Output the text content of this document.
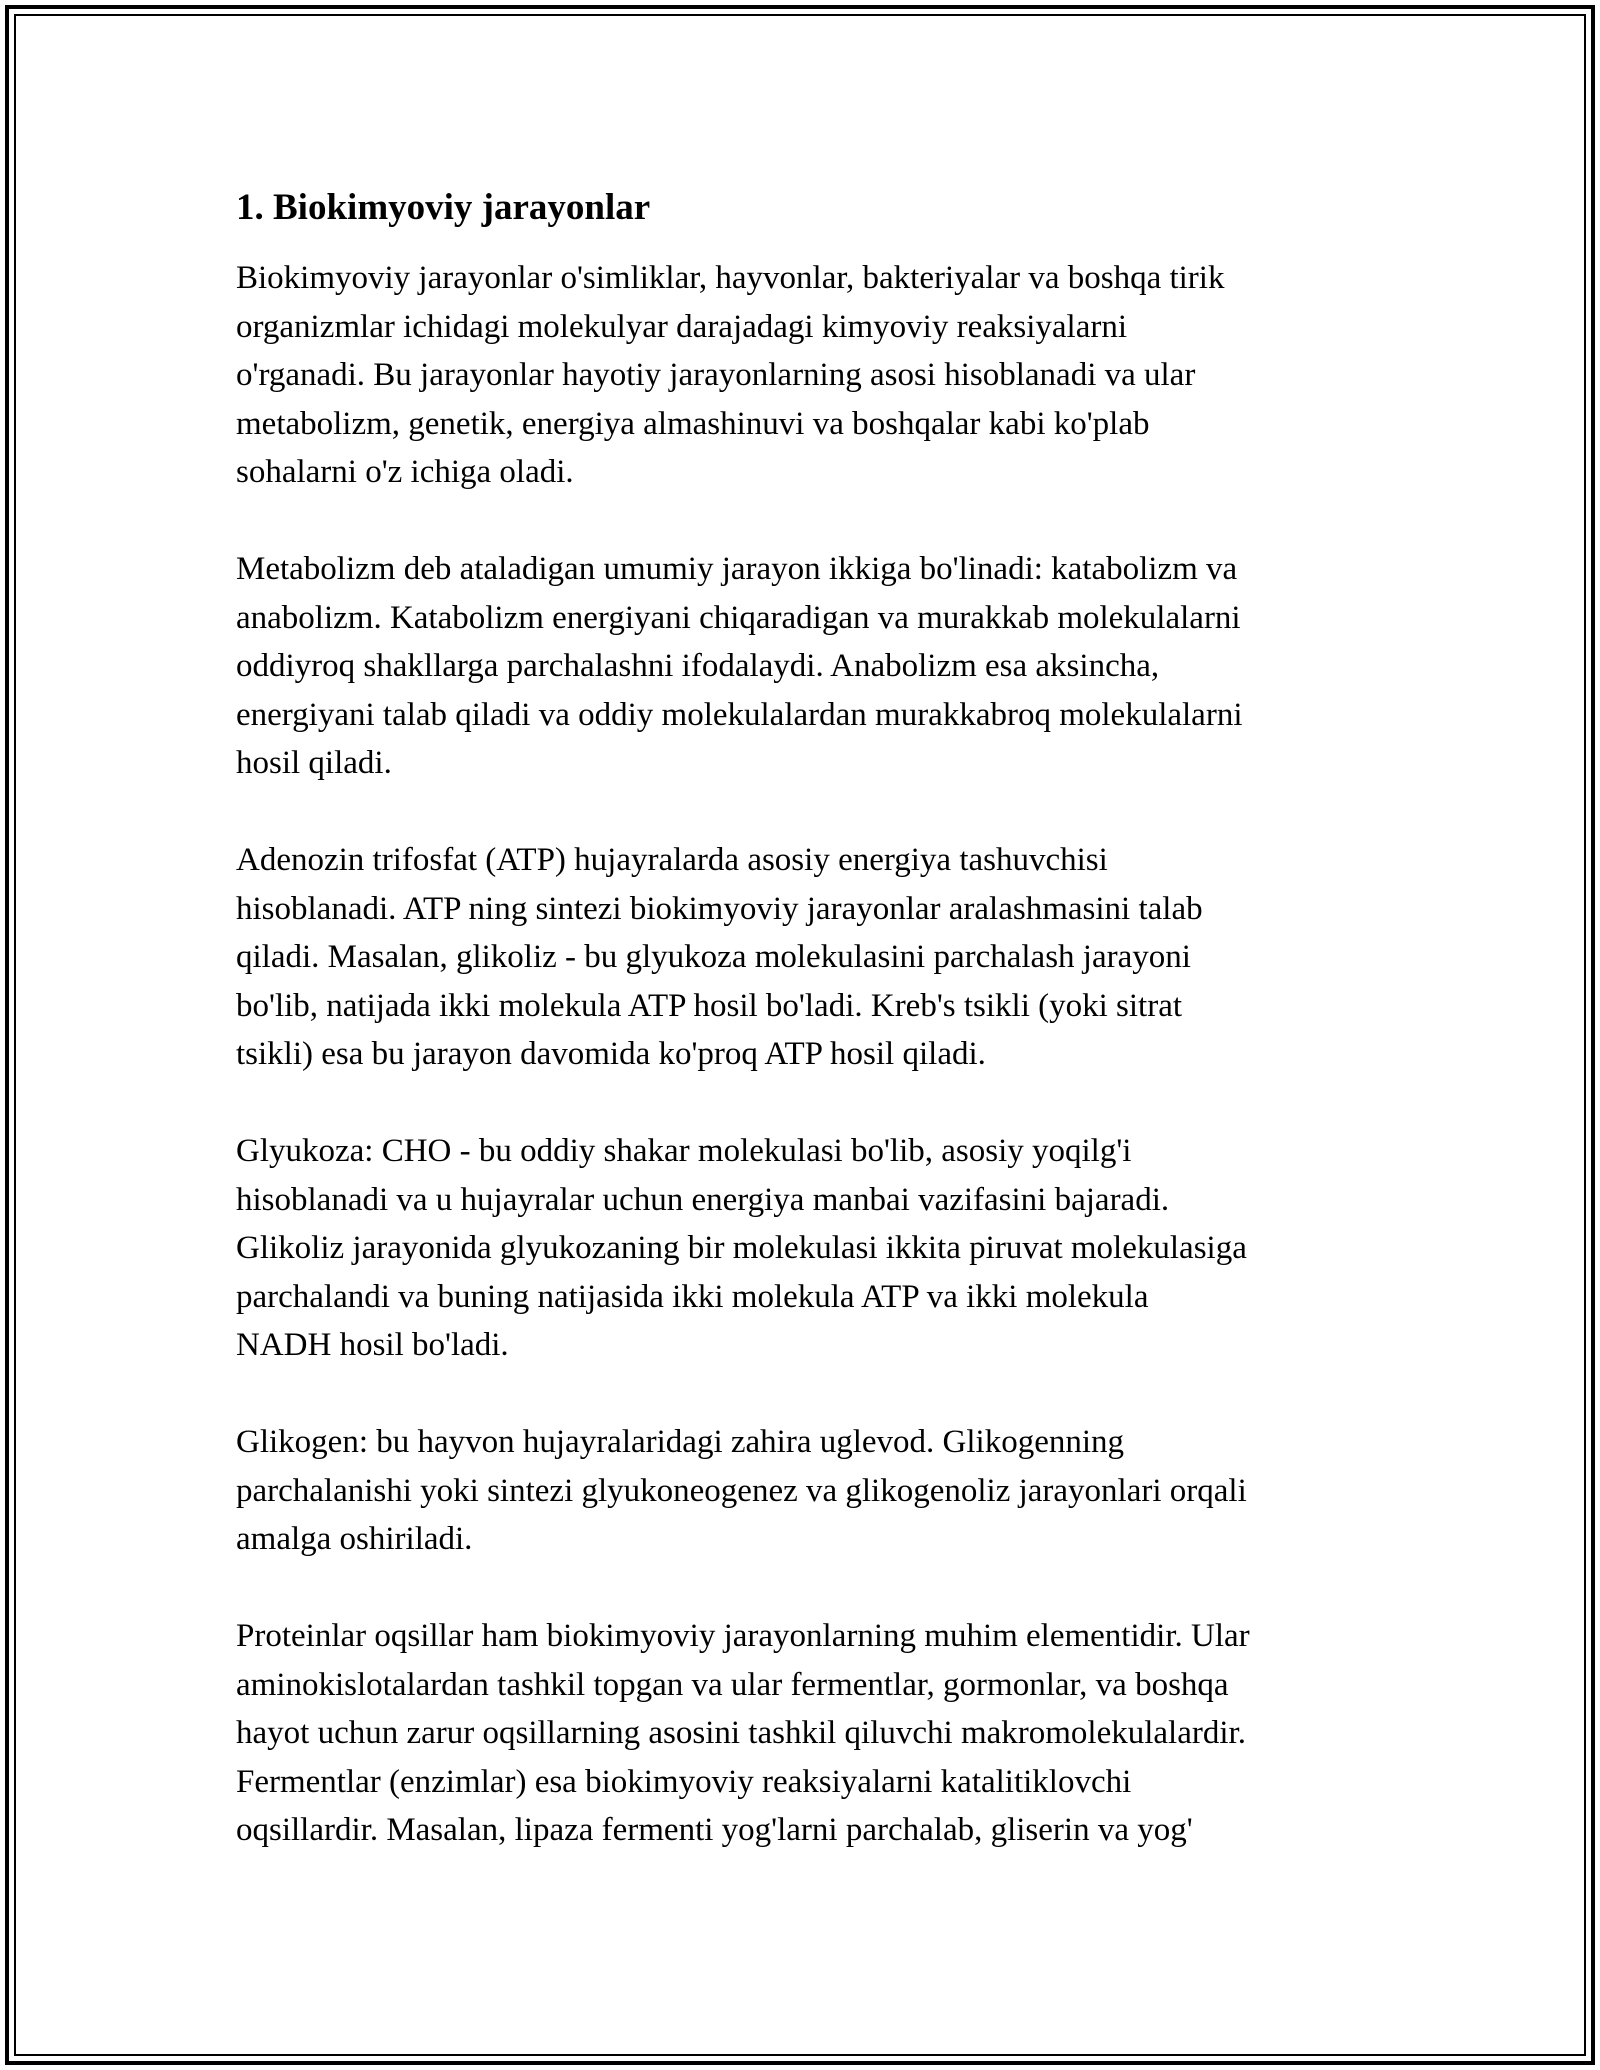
1. Biokimyoviy jarayonlar

Biokimyoviy jarayonlar o'simliklar, hayvonlar, bakteriyalar va boshqa tirik
organizmlar ichidagi molekulyar darajadagi kimyoviy reaksiyalarni
o'rganadi. Bu jarayonlar hayotiy jarayonlarning asosi hisoblanadi va ular
metabolizm, genetik, energiya almashinuvi va boshqalar kabi ko'plab
sohalarni o'z ichiga oladi.

Metabolizm deb ataladigan umumiy jarayon ikkiga bo'linadi: katabolizm va
anabolizm. Katabolizm energiyani chiqaradigan va murakkab molekulalarni
oddiyroq shakllarga parchalashni ifodalaydi. Anabolizm esa aksincha,
energiyani talab qiladi va oddiy molekulalardan murakkabroq molekulalarni
hosil qiladi.

Adenozin trifosfat (ATP) hujayralarda asosiy energiya tashuvchisi
hisoblanadi. ATP ning sintezi biokimyoviy jarayonlar aralashmasini talab
qiladi. Masalan, glikoliz - bu glyukoza molekulasini parchalash jarayoni
bo'lib, natijada ikki molekula ATP hosil bo'ladi. Kreb's tsikli (yoki sitrat
tsikli) esa bu jarayon davomida ko'proq ATP hosil qiladi.

Glyukoza: CHO - bu oddiy shakar molekulasi bo'lib, asosiy yoqilg'i
hisoblanadi va u hujayralar uchun energiya manbai vazifasini bajaradi.
Glikoliz jarayonida glyukozaning bir molekulasi ikkita piruvat molekulasiga
parchalandi va buning natijasida ikki molekula ATP va ikki molekula
NADH hosil bo'ladi.

Glikogen: bu hayvon hujayralaridagi zahira uglevod. Glikogenning
parchalanishi yoki sintezi glyukoneogenez va glikogenoliz jarayonlari orqali
amalga oshiriladi.

Proteinlar oqsillar ham biokimyoviy jarayonlarning muhim elementidir. Ular
aminokislotalardan tashkil topgan va ular fermentlar, gormonlar, va boshqa
hayot uchun zarur oqsillarning asosini tashkil qiluvchi makromolekulalardir.
Fermentlar (enzimlar) esa biokimyoviy reaksiyalarni katalitiklovchi
oqsillardir. Masalan, lipaza fermenti yog'larni parchalab, gliserin va yog'
